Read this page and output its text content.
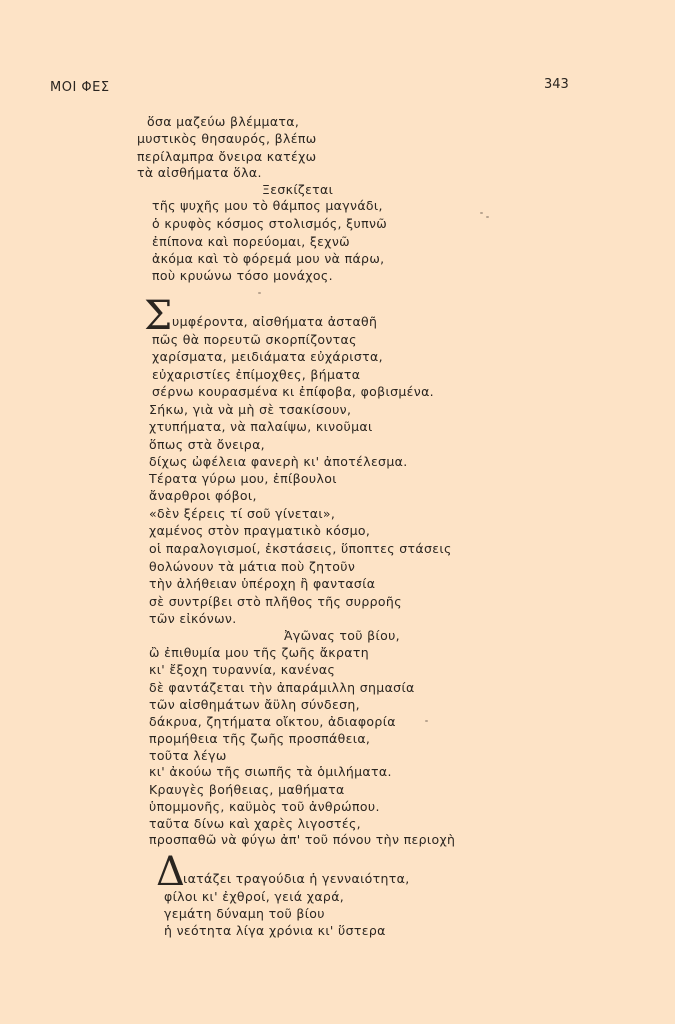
ΜΟΙ ΦΕΣ	343
ὅσα μαζεύω βλέμματα,
μυστικὸς θησαυρός, βλέπω
περίλαμπρα ὄνειρα κατέχω
τὰ αἰσθήματα ὅλα.
Ξεσκίζεται
τῆς ψυχῆς μου τὸ θάμπος μαγνάδι,
ὁ κρυφὸς κόσμος στολισμός, ξυπνῶ
ἐπίπονα καὶ πορεύομαι, ξεχνῶ
ἀκόμα καὶ τὸ φόρεμά μου νὰ πάρω,
ποὺ κρυώνω τόσο μονάχος.
Σ υμφέροντα, αἰσθήματα ἀσταθῆ
πῶς θὰ πορευτῶ σκορπίζοντας
χαρίσματα, μειδιάματα εὐχάριστα,
εὐχαριστίες ἐπίμοχθες, βήματα
σέρνω κουρασμένα κι ἐπίφοβα, φοβισμένα.
Σήκω, γιὰ νὰ μὴ σὲ τσακίσουν,
χτυπήματα, νὰ παλαίψω, κινοῦμαι
ὅπως στὰ ὄνειρα,
δίχως ὠφέλεια φανερὴ κι' ἀποτέλεσμα.
Τέρατα γύρω μου, ἐπίβουλοι
ἄναρθροι φόβοι,
«δὲν ξέρεις τί σοῦ γίνεται»,
χαμένος στὸν πραγματικὸ κόσμο,
οἱ παραλογισμοί, ἐκστάσεις, ὕποπτες στάσεις
θολώνουν τὰ μάτια ποὺ ζητοῦν
τὴν ἀλήθειαν ὑπέροχη ἢ φαντασία
σὲ συντρίβει στὸ πλῆθος τῆς συρροῆς
τῶν εἰκόνων.
Ἀγῶνας τοῦ βίου,
ὢ ἐπιθυμία μου τῆς ζωῆς ἄκρατη
κι' ἔξοχη τυραννία, κανένας
δὲ φαντάζεται τὴν ἀπαράμιλλη σημασία
τῶν αἰσθημάτων ἄϋλη σύνδεση,
δάκρυα, ζητήματα οἴκτου, ἀδιαφορία
προμήθεια τῆς ζωῆς προσπάθεια,
τοῦτα λέγω
κι' ἀκούω τῆς σιωπῆς τὰ ὁμιλήματα.
Κραυγὲς βοήθειας, μαθήματα
ὑπομμονῆς, καϋμὸς τοῦ ἀνθρώπου.
ταῦτα δίνω καὶ χαρὲς λιγοστές,
προσπαθῶ νὰ φύγω ἀπ' τοῦ πόνου τὴν περιοχὴ
Δ
ιατάζει τραγούδια ἡ γενναιότητα,
φίλοι κι' ἐχθροί, γειά χαρά,
γεμάτη δύναμη τοῦ βίου
ἡ νεότητα λίγα χρόνια κι' ὕστερα
